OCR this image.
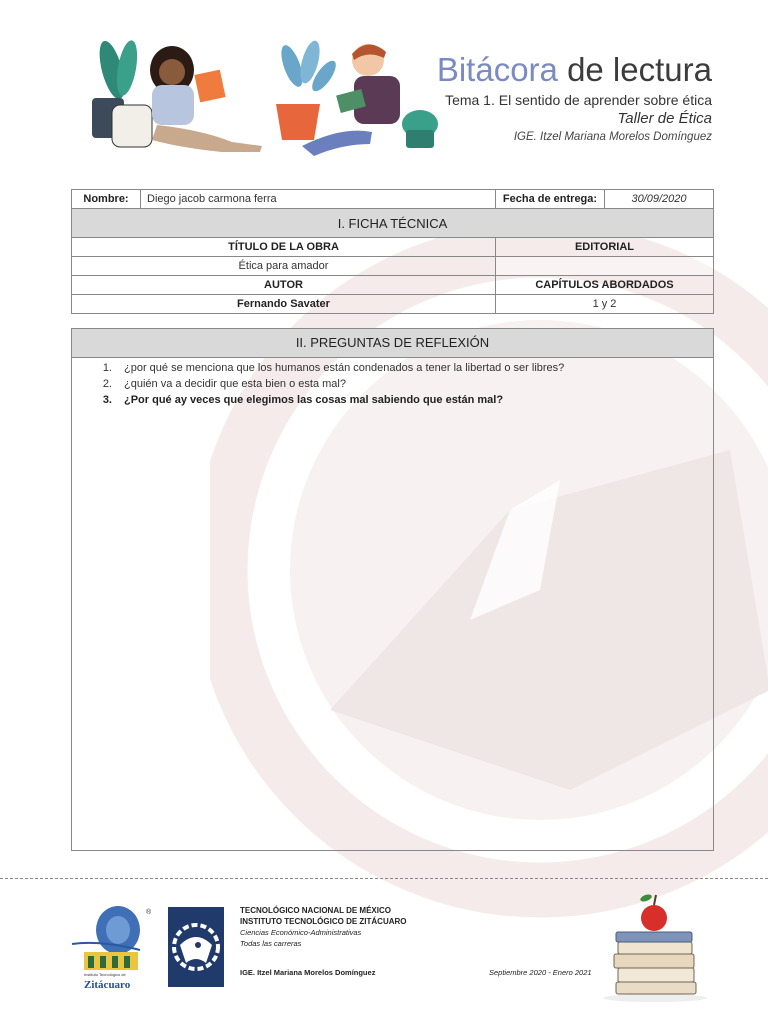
Bitácora de lectura
Tema 1. El sentido de aprender sobre ética
Taller de Ética
IGE. Itzel Mariana Morelos Domínguez
Nombre:	Diego jacob carmona ferra	Fecha de entrega:	30/09/2020
I. FICHA TÉCNICA			
TÍTULO DE LA OBRA		EDITORIAL	
Ética para amador			
AUTOR		CAPÍTULOS ABORDADOS	
Fernando Savater		1 y 2	
II. PREGUNTAS DE REFLEXIÓN
1.	¿por qué se menciona que los humanos están condenados a tener la libertad o ser libres?
2.	¿quién va a decidir que esta bien o esta mal?
3.	¿Por qué ay veces que elegimos las cosas mal sabiendo que están mal?
Instituto Tecnológico de
Zitácuaro
®	TECNOLÓGICO NACIONAL DE MÉXICO
INSTITUTO TECNOLÓGICO DE ZITÁCUARO
Ciencias Económico-Administrativas
Todas las carreras
IGE. Itzel Mariana Morelos Domínguez	Septiembre 2020 - Enero 2021
